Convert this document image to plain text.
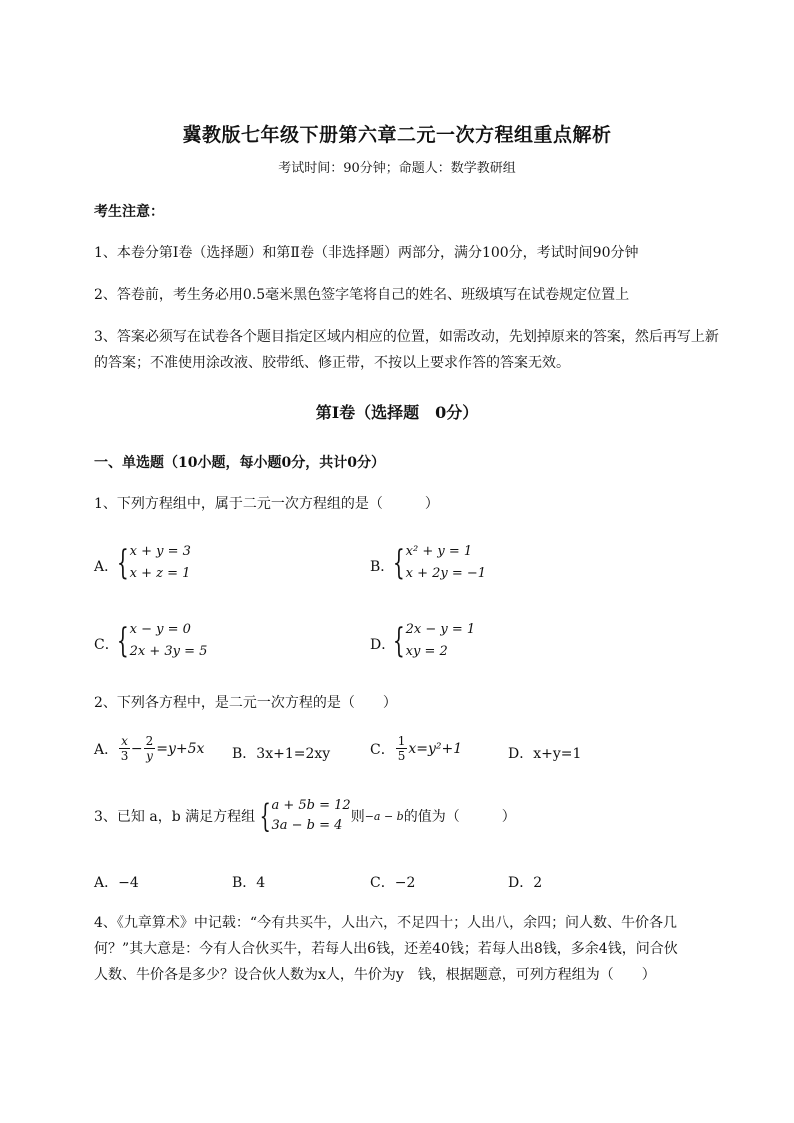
冀教版七年级下册第六章二元一次方程组重点解析
考试时间：90分钟；命题人：数学教研组
考生注意：
1、本卷分第I卷（选择题）和第Ⅱ卷（非选择题）两部分，满分100分，考试时间90分钟
2、答卷前，考生务必用0.5毫米黑色签字笔将自己的姓名、班级填写在试卷规定位置上
3、答案必须写在试卷各个题目指定区域内相应的位置，如需改动，先划掉原来的答案，然后再写上新
的答案；不准使用涂改液、胶带纸、修正带，不按以上要求作答的答案无效。
第I卷（选择题　0分）
一、单选题（10小题，每小题0分，共计0分）
1、下列方程组中，属于二元一次方程组的是（　　　）
A．
{ x + y = 3
x + z = 1	B．
{ x² + y = 1
x + 2y = −1
C．
{ x − y = 0
2x + 3y = 5	D．
{ 2x − y = 1
xy = 2
2、下列各方程中，是二元一次方程的是（　　）
A． $\frac{x}{3} - \frac{2}{y} =y+5x$ B．3x+1=2xy	C． $\frac{1}{5} x=y^2+1$	D．x+y=1
3、已知 a，b 满足方程组 { a + 5b = 12
3a − b = 4
则 −a − b 的值为（　　　）
A．−4	B．4	C．−2	D．2
4、《九章算术》中记载：“今有共买牛，人出六，不足四十；人出八，余四；问人数、牛价各几
何？”其大意是：今有人合伙买牛，若每人出6钱，还差40钱；若每人出8钱，多余4钱，问合伙
人数、牛价各是多少？设合伙人数为x人，牛价为y　钱，根据题意，可列方程组为（　　）
